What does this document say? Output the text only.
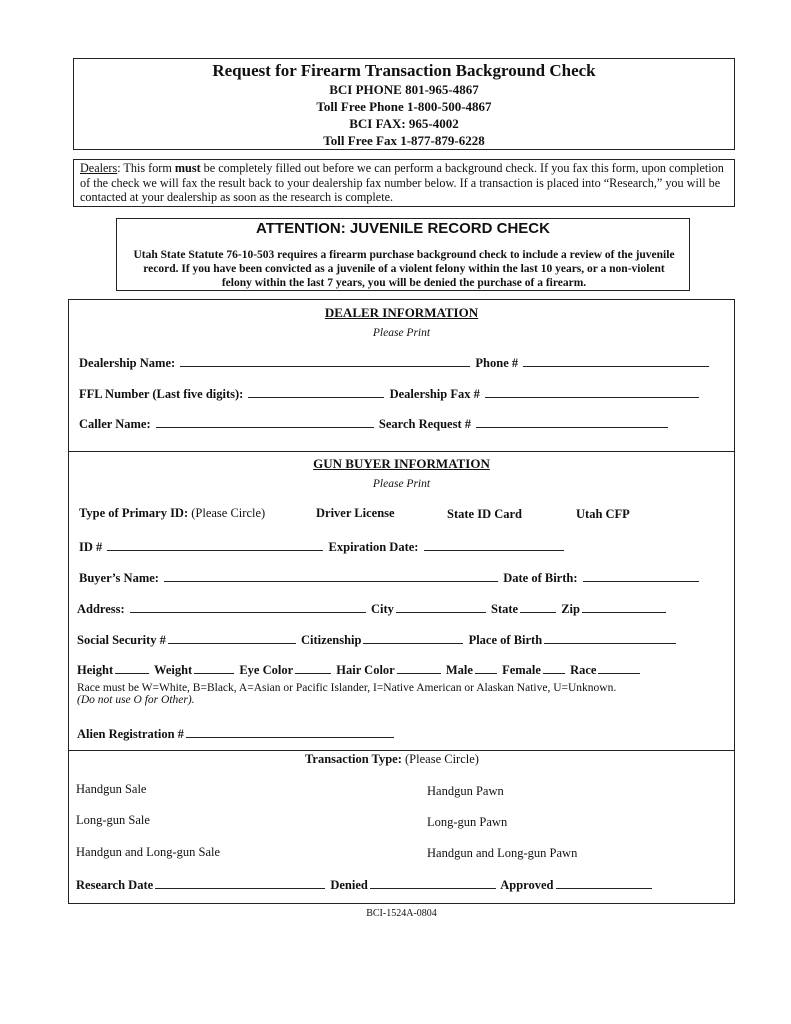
Request for Firearm Transaction Background Check
BCI PHONE 801-965-4867
Toll Free Phone 1-800-500-4867
BCI FAX: 965-4002
Toll Free Fax 1-877-879-6228
Dealers: This form must be completely filled out before we can perform a background check. If you fax this form, upon completion of the check we will fax the result back to your dealership fax number below. If a transaction is placed into “Research,” you will be contacted at your dealership as soon as the research is complete.
ATTENTION: JUVENILE RECORD CHECK
Utah State Statute 76-10-503 requires a firearm purchase background check to include a review of the juvenile record. If you have been convicted as a juvenile of a violent felony within the last 10 years, or a non-violent felony within the last 7 years, you will be denied the purchase of a firearm.
DEALER INFORMATION
Please Print
Dealership Name:	Phone #
FFL Number (Last five digits):	Dealership Fax #
Caller Name:	Search Request #
GUN BUYER INFORMATION
Please Print
Type of Primary ID: (Please Circle)	Driver License	State ID Card	Utah CFP
ID #	Expiration Date:
Buyer’s Name:	Date of Birth:
Address:	City	State	Zip
Social Security #	Citizenship	Place of Birth
Height	Weight	Eye Color	Hair Color	Male Female Race
Race must be W=White, B=Black, A=Asian or Pacific Islander, I=Native American or Alaskan Native, U=Unknown.
(Do not use O for Other).
Alien Registration #
Transaction Type: (Please Circle)
Handgun Sale
Long-gun Sale
Handgun and Long-gun Sale
Handgun Pawn
Long-gun Pawn
Handgun and Long-gun Pawn
Research Date	Denied	Approved
BCI-1524A-0804
